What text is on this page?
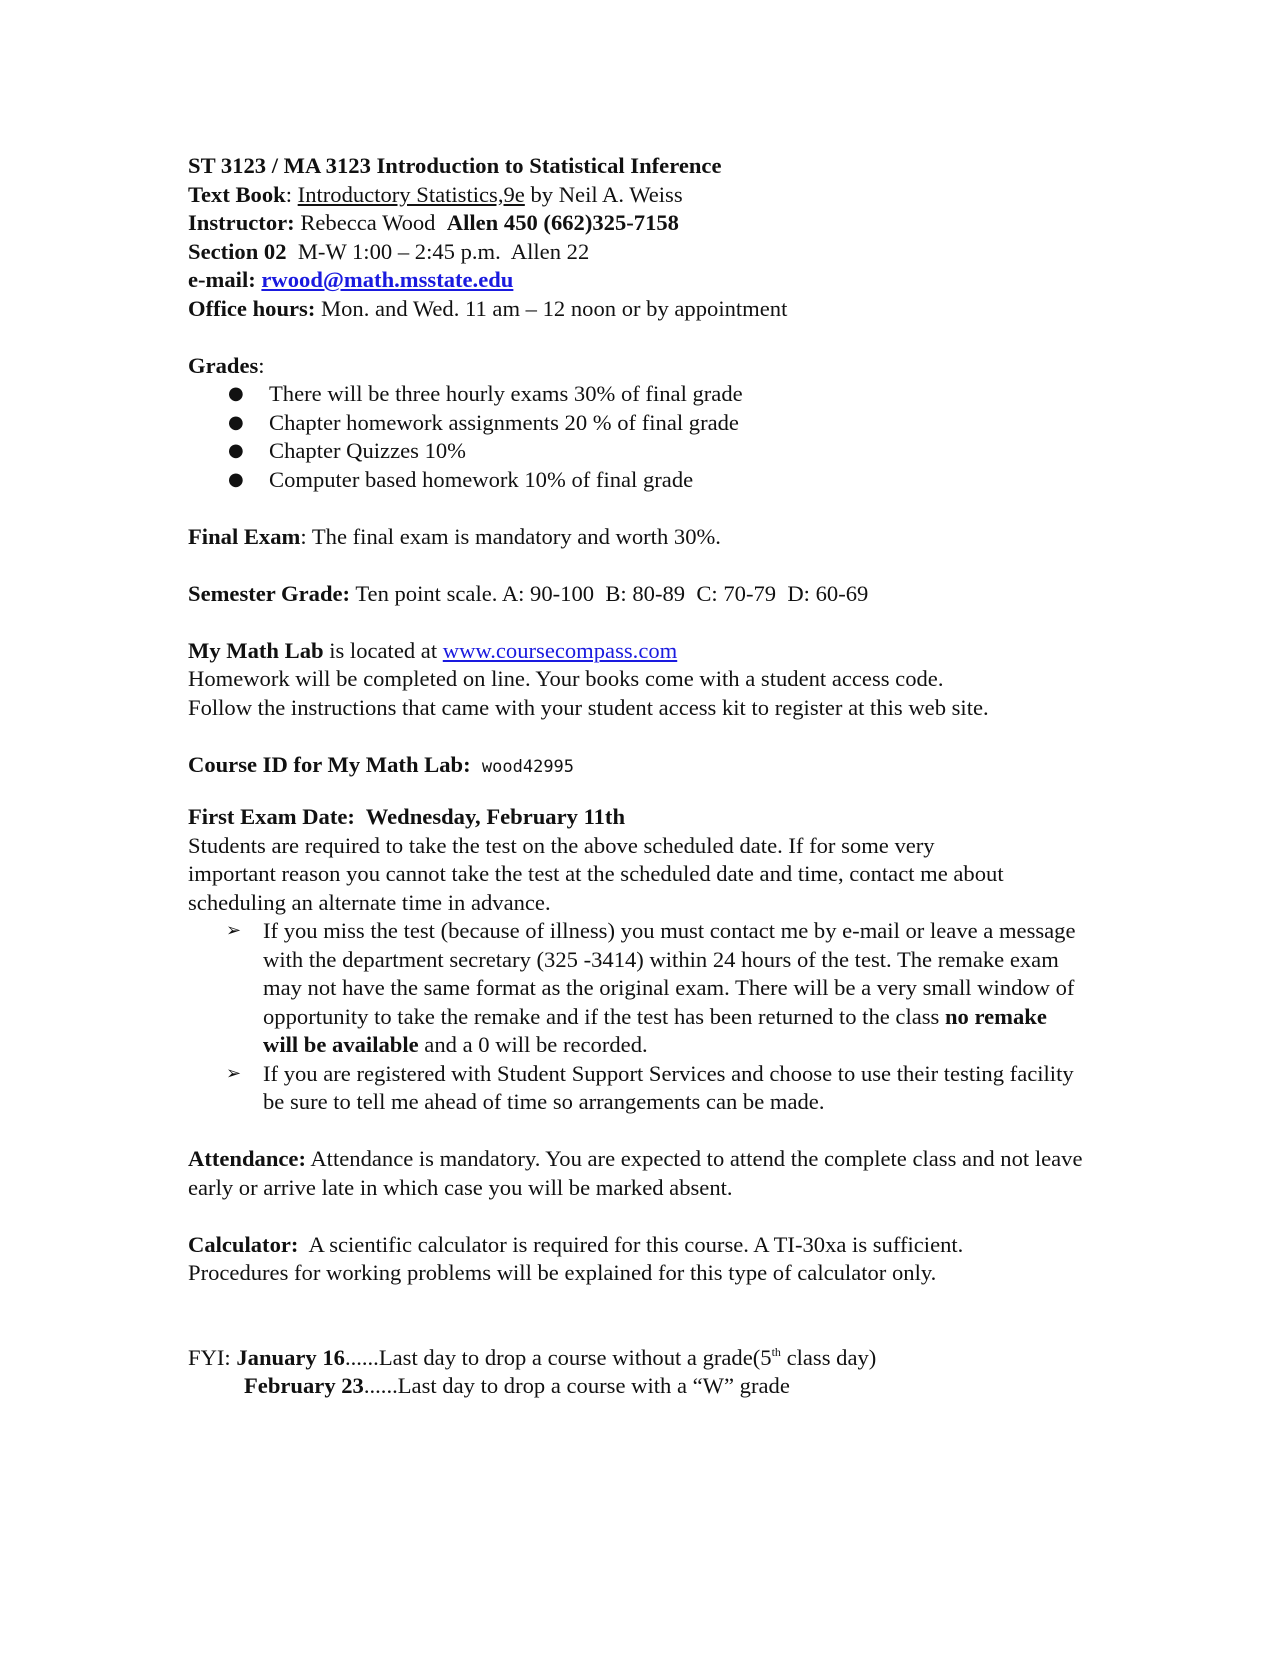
ST 3123 / MA 3123 Introduction to Statistical Inference

Text Book: Introductory Statistics,9e by Neil A. Weiss

Instructor: Rebecca Wood  Allen 450 (662)325-7158

Section 02  M-W 1:00 – 2:45 p.m.  Allen 22

e-mail: rwood@math.msstate.edu

Office hours: Mon. and Wed. 11 am – 12 noon or by appointment

Grades:

● There will be three hourly exams 30% of final grade
● Chapter homework assignments 20 % of final grade
● Chapter Quizzes 10%
● Computer based homework 10% of final grade

Final Exam: The final exam is mandatory and worth 30%.

Semester Grade: Ten point scale. A: 90-100  B: 80-89  C: 70-79  D: 60-69

My Math Lab is located at www.coursecompass.com

Homework will be completed on line. Your books come with a student access code.

Follow the instructions that came with your student access kit to register at this web site.

Course ID for My Math Lab: wood42995

First Exam Date:  Wednesday, February 11th

Students are required to take the test on the above scheduled date. If for some very important reason you cannot take the test at the scheduled date and time, contact me about scheduling an alternate time in advance.

➢ If you miss the test (because of illness) you must contact me by e-mail or leave a message with the department secretary (325 -3414) within 24 hours of the test. The remake exam may not have the same format as the original exam. There will be a very small window of opportunity to take the remake and if the test has been returned to the class no remake will be available and a 0 will be recorded.
➢ If you are registered with Student Support Services and choose to use their testing facility be sure to tell me ahead of time so arrangements can be made.

Attendance: Attendance is mandatory. You are expected to attend the complete class and not leave early or arrive late in which case you will be marked absent.

Calculator:  A scientific calculator is required for this course. A TI-30xa is sufficient. Procedures for working problems will be explained for this type of calculator only.

FYI: January 16......Last day to drop a course without a grade(5th class day)

February 23......Last day to drop a course with a “W” grade
